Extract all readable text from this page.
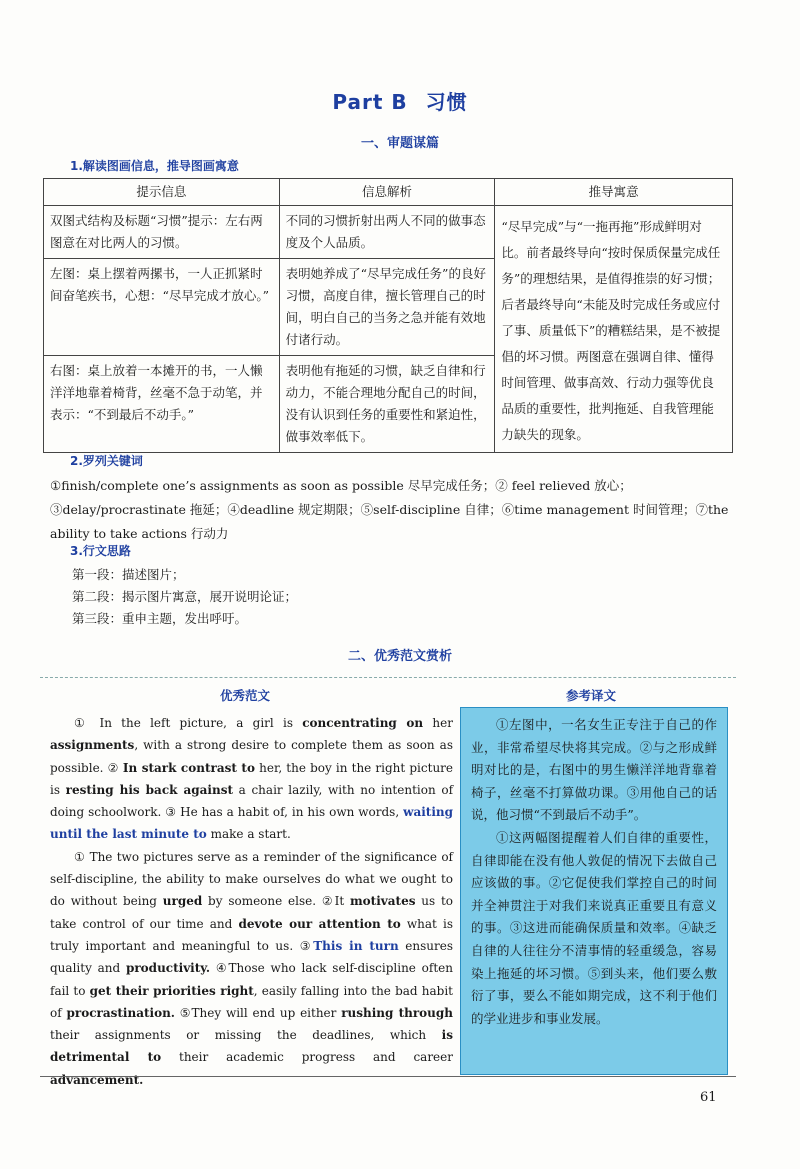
Part B 习惯
一、审题谋篇
1.解读图画信息，推导图画寓意
提示信息	信息解析	推导寓意
双图式结构及标题“习惯”提示：左右两图意在对比两人的习惯。	不同的习惯折射出两人不同的做事态度及个人品质。	“尽早完成”与“一拖再拖”形成鲜明对比。前者最终导向“按时保质保量完成任务”的理想结果，是值得推崇的好习惯；后者最终导向“未能及时完成任务或应付了事、质量低下”的糟糕结果，是不被提倡的坏习惯。两图意在强调自律、懂得时间管理、做事高效、行动力强等优良品质的重要性，批判拖延、自我管理能力缺失的现象。
左图：桌上摆着两摞书，一人正抓紧时间奋笔疾书，心想：“尽早完成才放心。”	表明她养成了“尽早完成任务”的良好习惯，高度自律，擅长管理自己的时间，明白自己的当务之急并能有效地付诸行动。	
右图：桌上放着一本摊开的书，一人懒洋洋地靠着椅背，丝毫不急于动笔，并表示：“不到最后不动手。”	表明他有拖延的习惯，缺乏自律和行动力，不能合理地分配自己的时间，没有认识到任务的重要性和紧迫性，做事效率低下。	
2.罗列关键词
①finish/complete one’s assignments as soon as possible 尽早完成任务；② feel relieved 放心；③delay/procrastinate 拖延；④deadline 规定期限；⑤self-discipline 自律；⑥time management 时间管理；⑦the ability to take actions 行动力
3.行文思路
第一段：描述图片；
第二段：揭示图片寓意，展开说明论证；
第三段：重申主题，发出呼吁。
二、优秀范文赏析
优秀范文	参考译文

① In the left picture, a girl is concentrating on her assignments, with a strong desire to complete them as soon as possible. ② In stark contrast to her, the boy in the right picture is resting his back against a chair lazily, with no intention of doing schoolwork. ③ He has a habit of, in his own words, waiting until the last minute to make a start.

① The two pictures serve as a reminder of the significance of self-discipline, the ability to make ourselves do what we ought to do without being urged by someone else. ②It motivates us to take control of our time and devote our attention to what is truly important and meaningful to us. ③This in turn ensures quality and productivity. ④Those who lack self-discipline often fail to get their priorities right, easily falling into the bad habit of procrastination. ⑤They will end up either rushing through their assignments or missing the deadlines, which is detrimental to their academic progress and career advancement.

①左图中，一名女生正专注于自己的作业，非常希望尽快将其完成。②与之形成鲜明对比的是，右图中的男生懒洋洋地背靠着椅子，丝毫不打算做功课。③用他自己的话说，他习惯“不到最后不动手”。

①这两幅图提醒着人们自律的重要性，自律即能在没有他人敦促的情况下去做自己应该做的事。②它促使我们掌控自己的时间并全神贯注于对我们来说真正重要且有意义的事。③这进而能确保质量和效率。④缺乏自律的人往往分不清事情的轻重缓急，容易染上拖延的坏习惯。⑤到头来，他们要么敷衍了事，要么不能如期完成，这不利于他们的学业进步和事业发展。

61
